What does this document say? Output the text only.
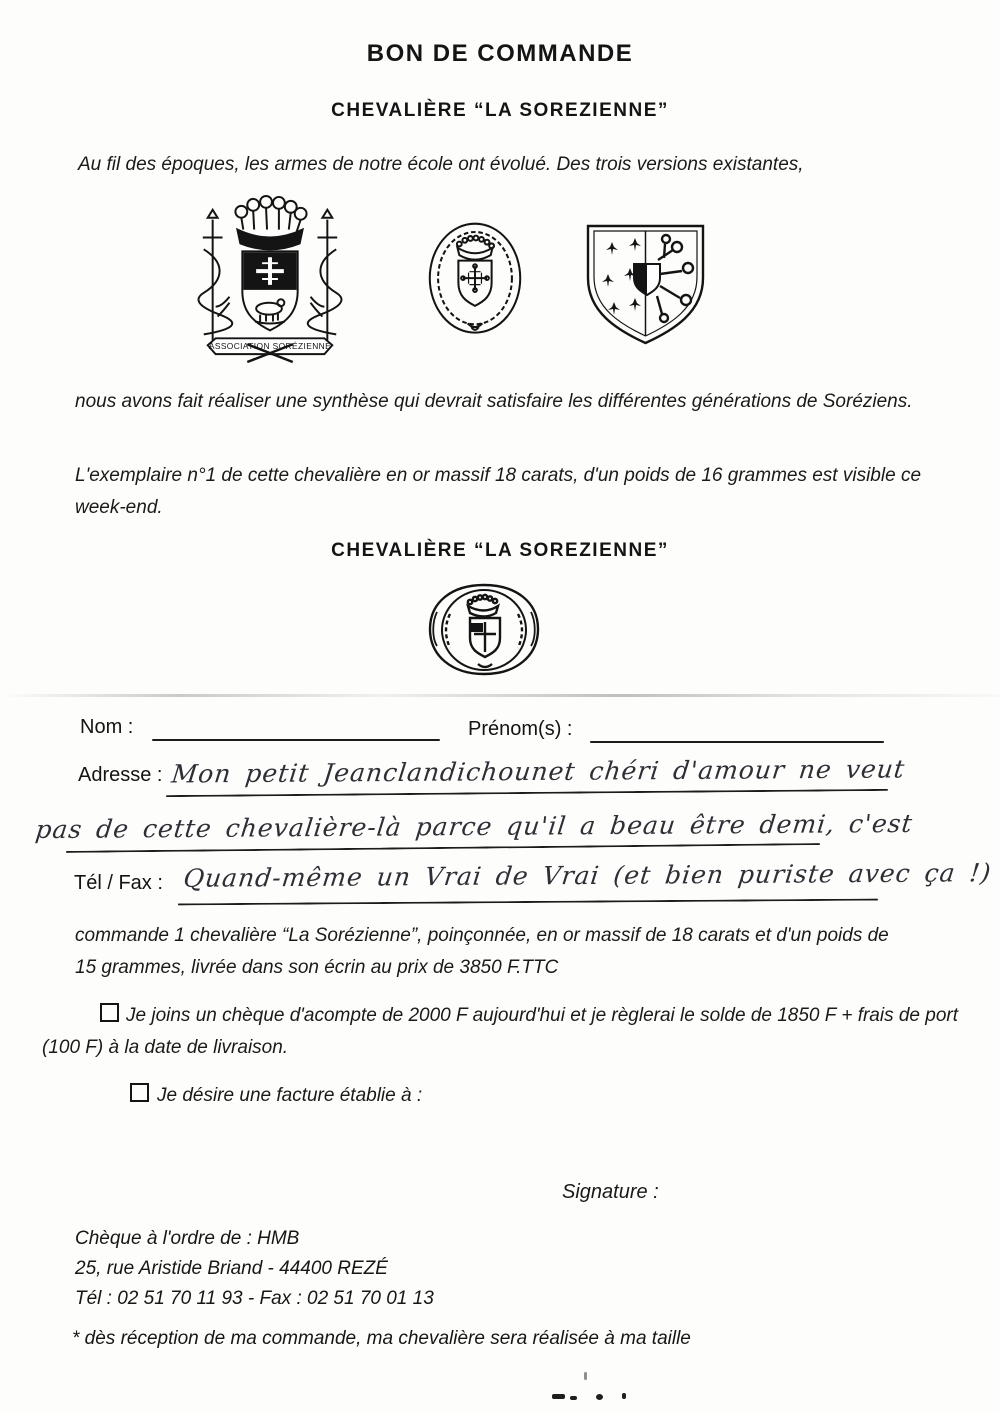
BON DE COMMANDE
CHEVALIÈRE “LA SOREZIENNE”
Au fil des époques, les armes de notre école ont évolué. Des trois versions existantes,
ASSOCIATION SORÉZIENNE
nous avons fait réaliser une synthèse qui devrait satisfaire les différentes générations de Soréziens.
L'exemplaire n°1 de cette chevalière en or massif 18 carats, d'un poids de 16 grammes est visible ce week-end.
CHEVALIÈRE “LA SOREZIENNE”
Nom :	Prénom(s) :
Adresse : Mon petit Jeanclandichounet chéri d'amour ne veut
pas de cette chevalière-là parce qu'il a beau être demi, c'est
Tél / Fax : Quand-même un Vrai de Vrai (et bien puriste avec ça !)
commande 1 chevalière “La Sorézienne”, poinçonnée, en or massif de 18 carats et d'un poids de 15 grammes, livrée dans son écrin au prix de 3850 F.TTC
Je joins un chèque d'acompte de 2000 F aujourd'hui et je règlerai le solde de 1850 F + frais de port (100 F) à la date de livraison.
Je désire une facture établie à :
Signature :
Chèque à l'ordre de : HMB
25, rue Aristide Briand - 44400 REZÉ
Tél : 02 51 70 11 93 - Fax : 02 51 70 01 13
* dès réception de ma commande, ma chevalière sera réalisée à ma taille
